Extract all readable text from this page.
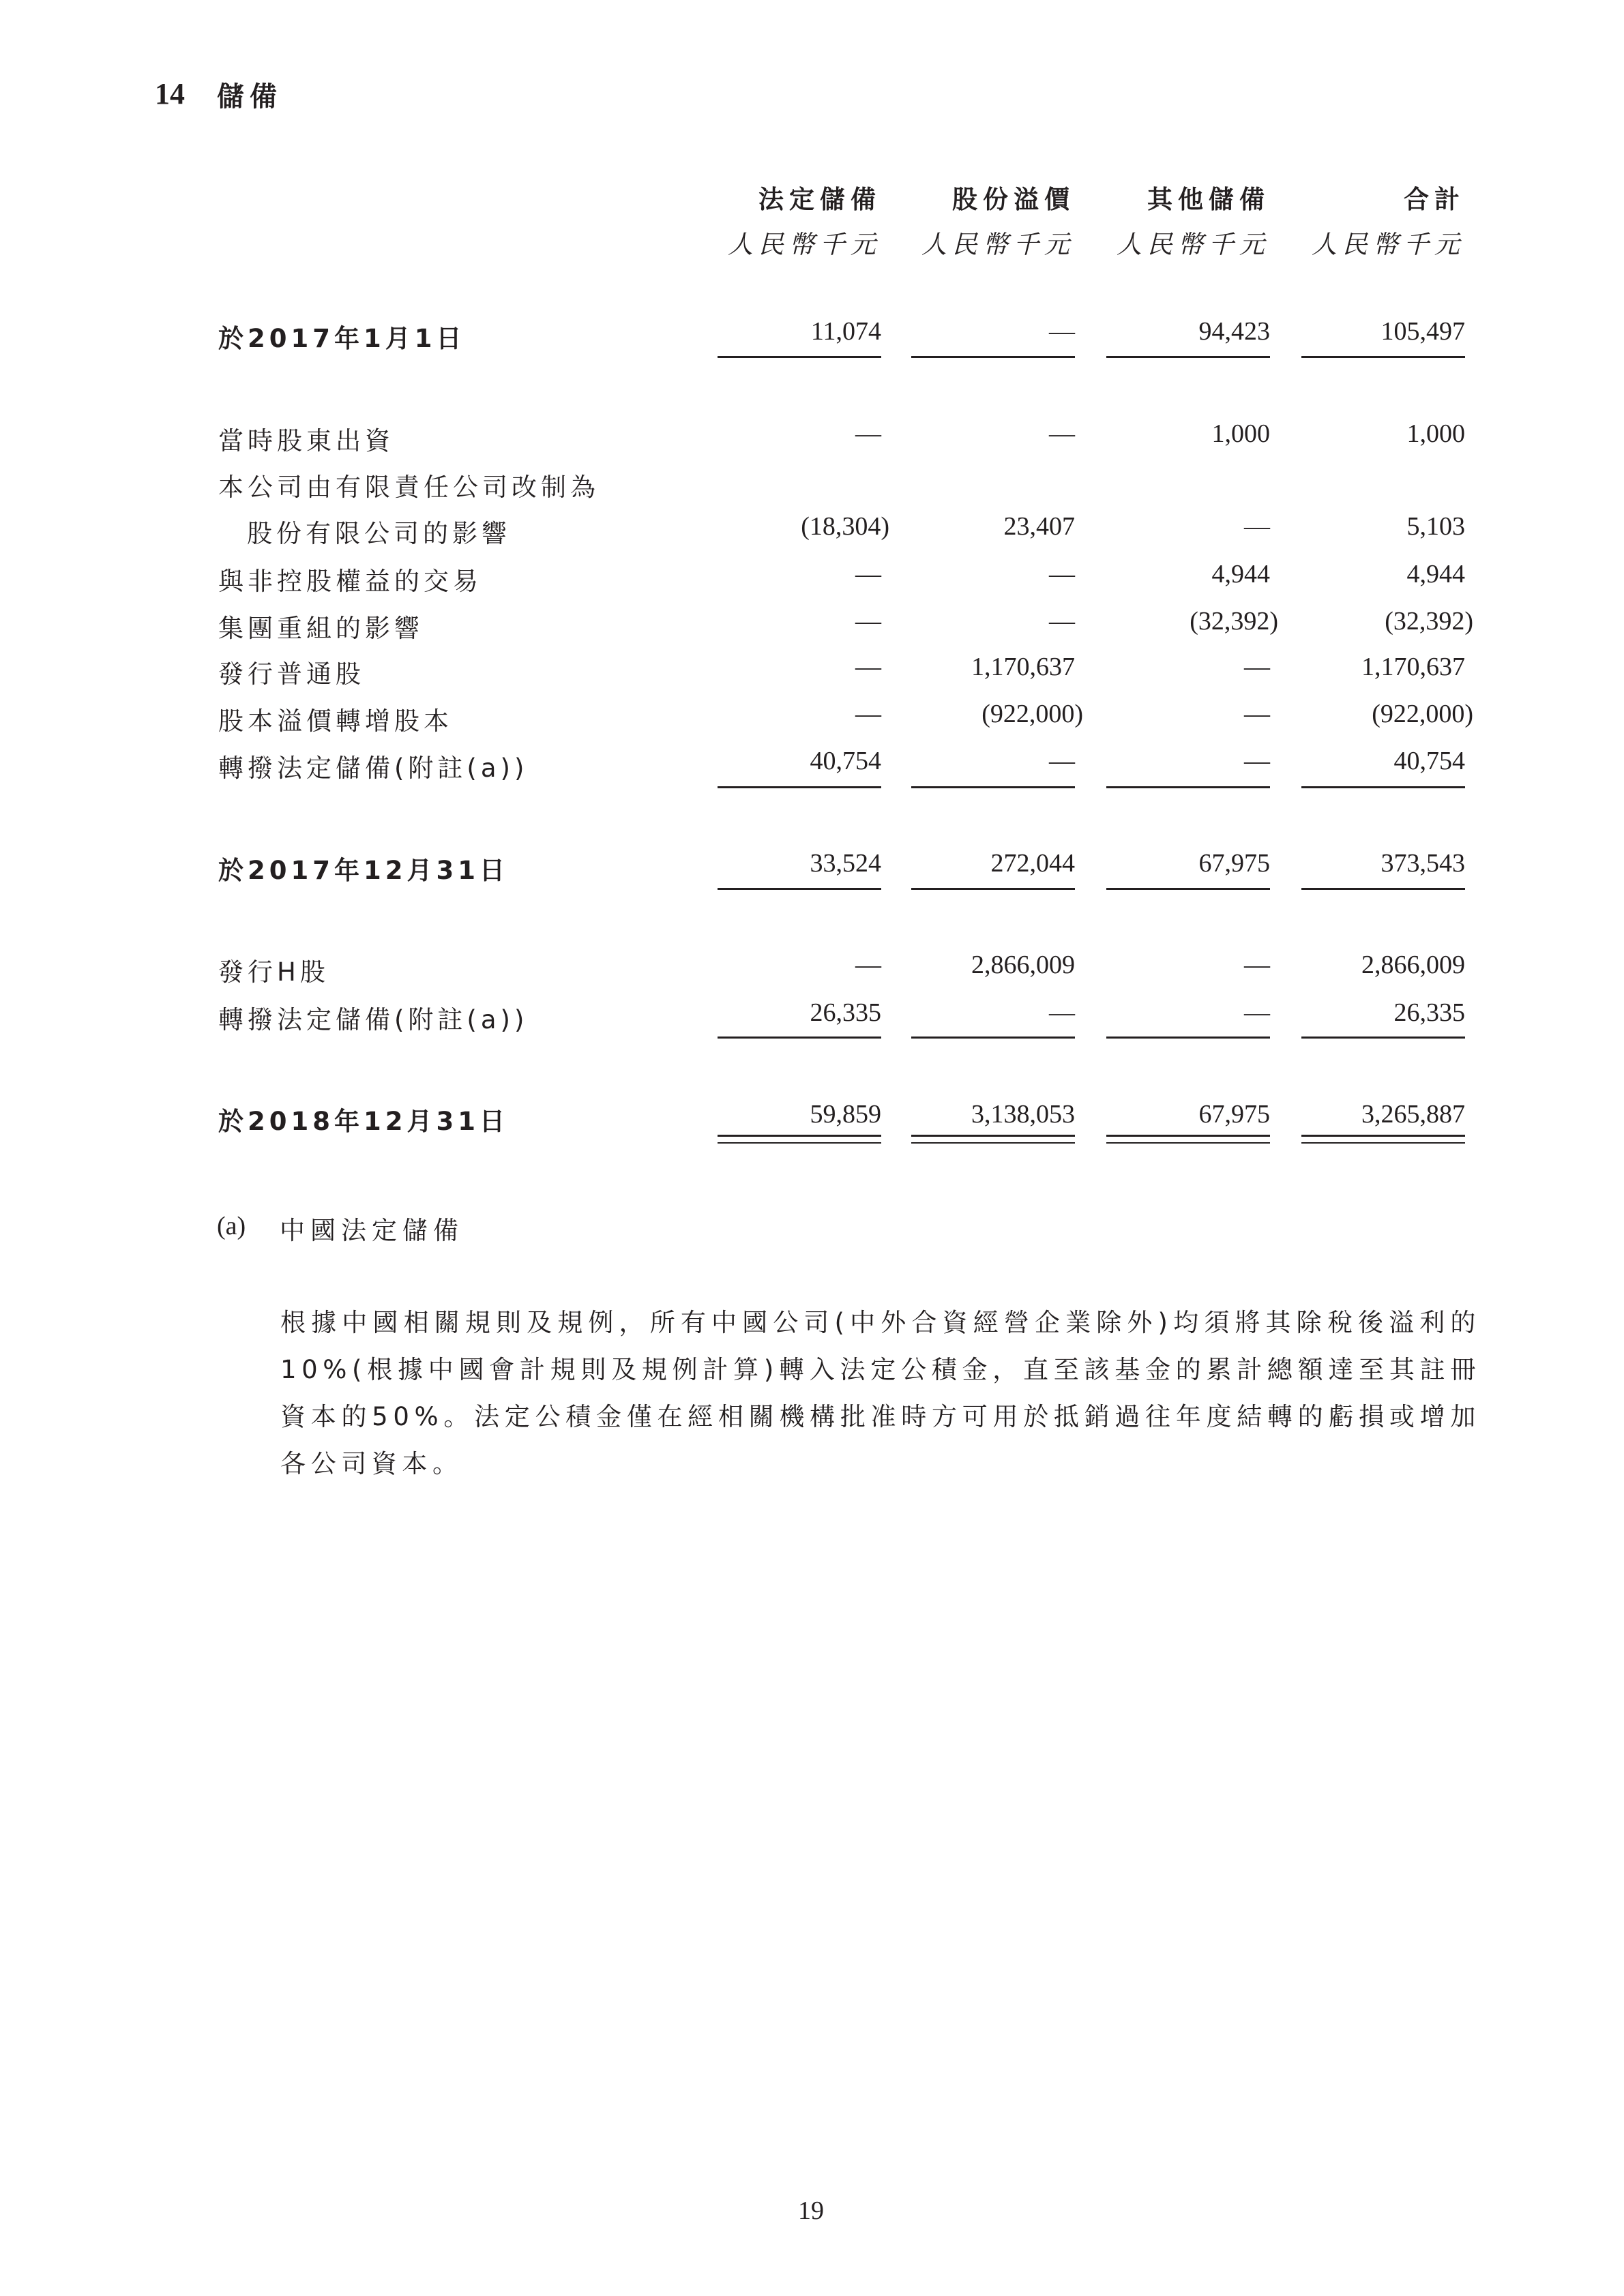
14 儲備
法定儲備	股份溢價	其他儲備	合計
人民幣千元	人民幣千元	人民幣千元	人民幣千元
於2017年1月1日	11,074	—	94,423	105,497
當時股東出資	—	—	1,000	1,000
本公司由有限責任公司改制為
股份有限公司的影響	(18,304)	23,407	—	5,103
與非控股權益的交易	—	—	4,944	4,944
集團重組的影響	—	—	(32,392)	(32,392)
發行普通股	—	1,170,637	—	1,170,637
股本溢價轉增股本	—	(922,000)	—	(922,000)
轉撥法定儲備(附註(a))	40,754	—	—	40,754
於2017年12月31日	33,524	272,044	67,975	373,543
發行H股	—	2,866,009	—	2,866,009
轉撥法定儲備(附註(a))	26,335	—	—	26,335
於2018年12月31日	59,859	3,138,053	67,975	3,265,887
(a) 中國法定儲備
根據中國相關規則及規例，所有中國公司(中外合資經營企業除外)均須將其除稅後溢利的10%(根據中國會計規則及規例計算)轉入法定公積金，直至該基金的累計總額達至其註冊資本的50%。法定公積金僅在經相關機構批准時方可用於抵銷過往年度結轉的虧損或增加各公司資本。
19
